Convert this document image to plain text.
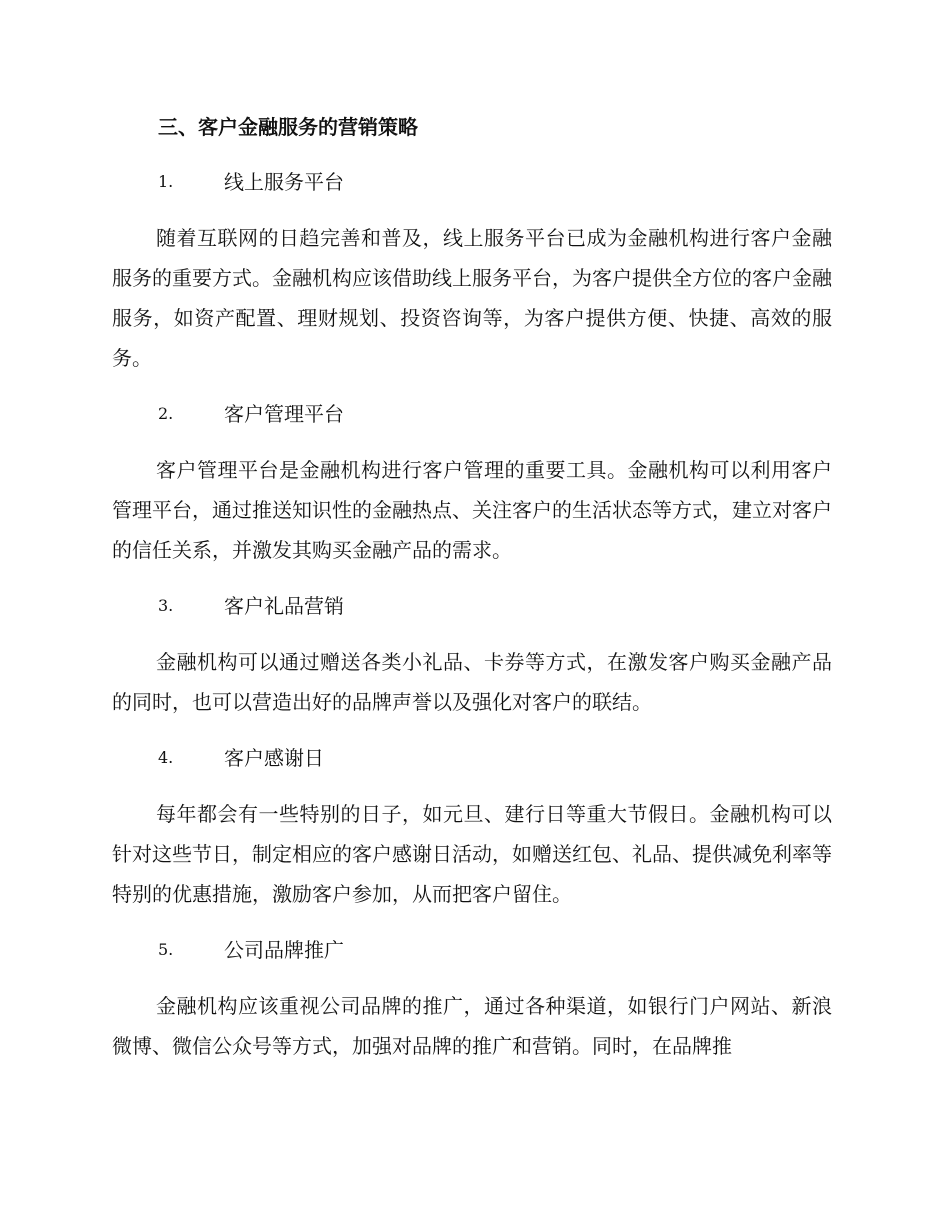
三、客户金融服务的营销策略
1.	线上服务平台

随着互联网的日趋完善和普及，线上服务平台已成为金融机构进行客户金融服务的重要方式。金融机构应该借助线上服务平台，为客户提供全方位的客户金融服务，如资产配置、理财规划、投资咨询等，为客户提供方便、快捷、高效的服务。

2.	客户管理平台

客户管理平台是金融机构进行客户管理的重要工具。金融机构可以利用客户管理平台，通过推送知识性的金融热点、关注客户的生活状态等方式，建立对客户的信任关系，并激发其购买金融产品的需求。

3.	客户礼品营销

金融机构可以通过赠送各类小礼品、卡券等方式，在激发客户购买金融产品的同时，也可以营造出好的品牌声誉以及强化对客户的联结。

4.	客户感谢日

每年都会有一些特别的日子，如元旦、建行日等重大节假日。金融机构可以针对这些节日，制定相应的客户感谢日活动，如赠送红包、礼品、提供减免利率等特别的优惠措施，激励客户参加，从而把客户留住。

5.	公司品牌推广

金融机构应该重视公司品牌的推广，通过各种渠道，如银行门户网站、新浪微博、微信公众号等方式，加强对品牌的推广和营销。同时，在品牌推
